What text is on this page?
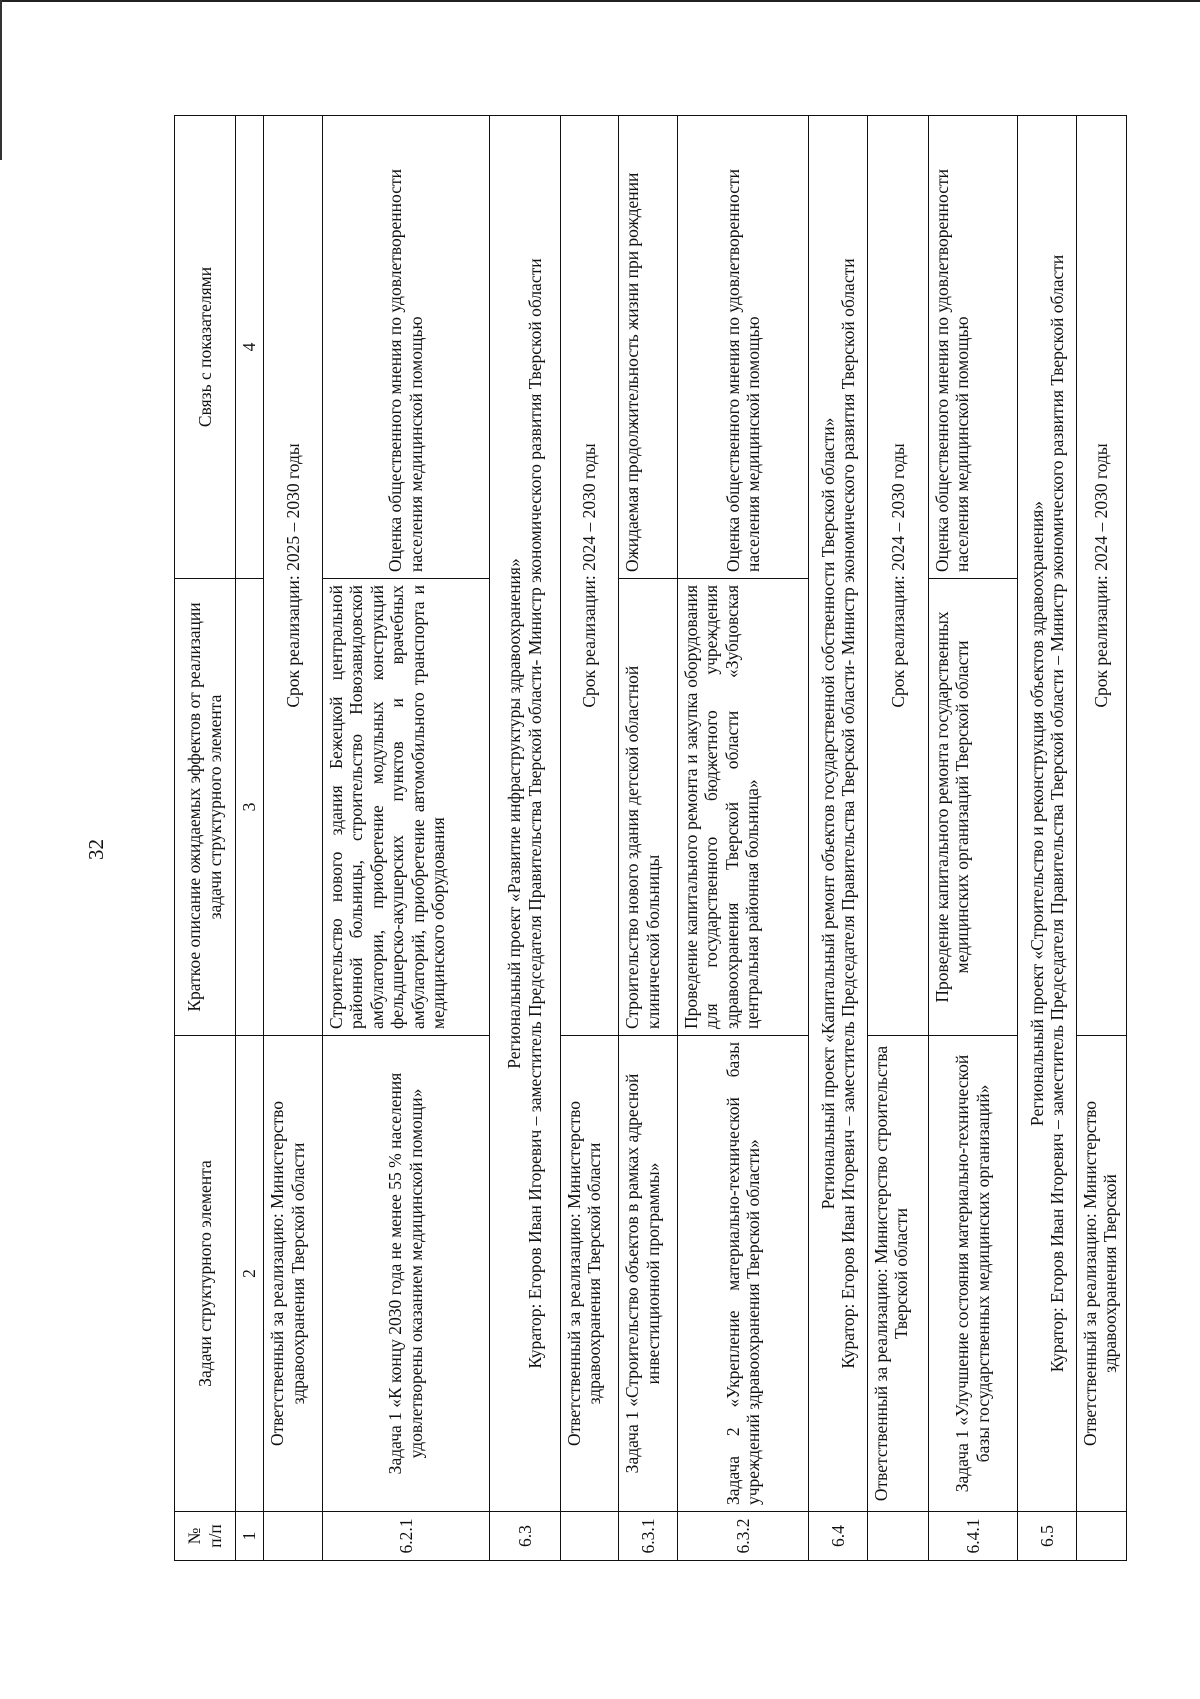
32
№
п/п	Задачи структурного элемента	Краткое описание ожидаемых эффектов от реализации задачи структурного элемента	Связь с показателями
1	2	3	4
	Ответственный за реализацию: Министерство здравоохранения Тверской области	Срок реализации: 2025 – 2030 годы	
6.2.1	Задача 1 «К концу 2030 года не менее 55 % населения удовлетворены оказанием медицинской помощи»	Строительство нового здания Бежецкой центральной районной больницы, строительство Новозавидовской амбулатории, приобретение модульных конструкций фельдшерско-акушерских пунктов и врачебных амбулаторий, приобретение автомобильного транспорта и медицинского оборудования	Оценка общественного мнения по удовлетворенности населения медицинской помощью
6.3	Региональный проект «Развитие инфраструктуры здравоохранения» Куратор: Егоров Иван Игоревич – заместитель Председателя Правительства Тверской области- Министр экономического развития Тверской области		

	Ответственный за реализацию: Министерство здравоохранения Тверской области	Срок реализации: 2024 – 2030 годы	
6.3.1	Задача 1 «Строительство объектов в рамках адресной инвестиционной программы»	Строительство нового здания детской областной клинической больницы	Ожидаемая продолжительность жизни при рождении
6.3.2	Задача 2 «Укрепление материально-технической базы учреждений здравоохранения Тверской области»	Проведение капитального ремонта и закупка оборудования для государственного бюджетного учреждения здравоохранения Тверской области «Зубцовская центральная районная больница»	Оценка общественного мнения по удовлетворенности населения медицинской помощью
6.4	Региональный проект «Капитальный ремонт объектов государственной собственности Тверской области» Куратор: Егоров Иван Игоревич – заместитель Председателя Правительства Тверской области- Министр экономического развития Тверской области		

	Ответственный за реализацию: Министерство строительства Тверской области	Срок реализации: 2024 – 2030 годы	
6.4.1	Задача 1 «Улучшение состояния материально-технической базы государственных медицинских организаций»	Проведение капитального ремонта государственных медицинских организаций Тверской области	Оценка общественного мнения по удовлетворенности населения медицинской помощью
6.5	Региональный проект «Строительство и реконструкция объектов здравоохранения» Куратор: Егоров Иван Игоревич – заместитель Председателя Правительства Тверской области – Министр экономического развития Тверской области		

	Ответственный за реализацию: Министерство здравоохранения Тверской	Срок реализации: 2024 – 2030 годы	
